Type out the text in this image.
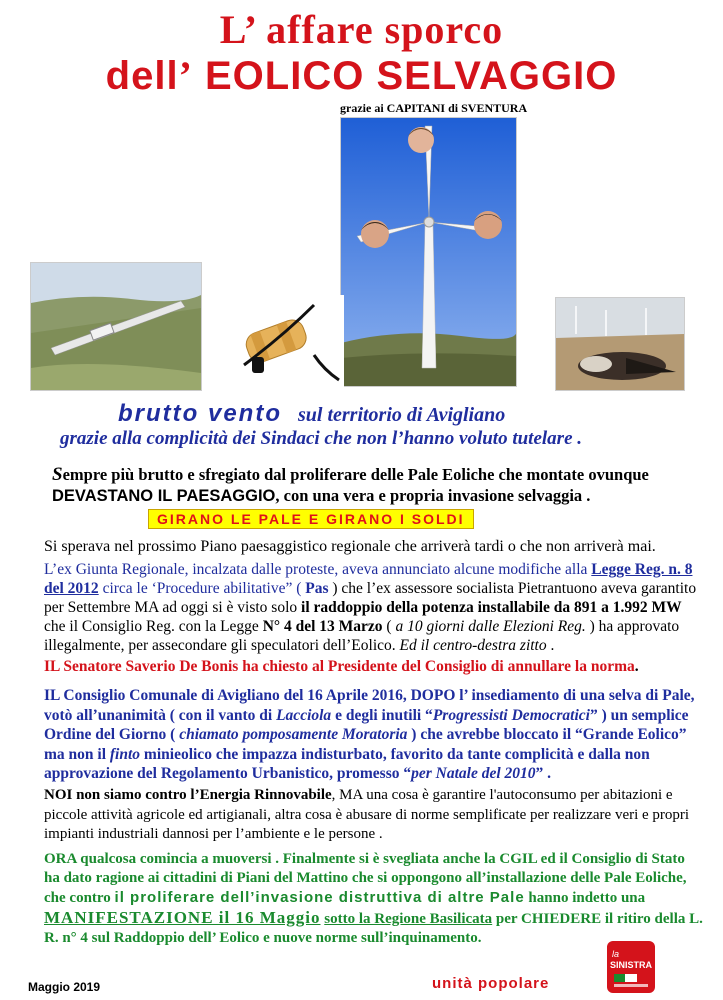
L’ affare sporco
dell’ EOLICO SELVAGGIO
grazie ai CAPITANI di SVENTURA
brutto vento sul territorio di Avigliano
grazie alla complicità dei Sindaci che non l’hanno voluto tutelare .
Sempre più brutto e sfregiato dal proliferare delle Pale Eoliche che montate ovunque
DEVASTANO IL PAESAGGIO, con una vera e propria invasione selvaggia .
GIRANO LE PALE E GIRANO I SOLDI
Si sperava nel prossimo Piano paesaggistico regionale che arriverà tardi o che non arriverà mai.
L’ex Giunta Regionale, incalzata dalle proteste, aveva annunciato alcune modifiche alla Legge Reg. n. 8 del 2012 circa le ‘Procedure abilitative” ( Pas ) che l’ex assessore socialista Pietrantuono aveva garantito per Settembre MA ad oggi si è visto solo il raddoppio della potenza installabile da 891 a 1.992 MW che il Consiglio Reg. con la Legge N° 4 del 13 Marzo ( a 10 giorni dalle Elezioni Reg. ) ha approvato illegalmente, per assecondare gli speculatori dell’Eolico. Ed il centro-destra zitto .
IL Senatore Saverio De Bonis ha chiesto al Presidente del Consiglio di annullare la norma.
IL Consiglio Comunale di Avigliano del 16 Aprile 2016, DOPO l’ insediamento di una selva di Pale, votò all’unanimità ( con il vanto di Lacciola e degli inutili “Progressisti Democratici” ) un semplice Ordine del Giorno ( chiamato pomposamente Moratoria ) che avrebbe bloccato il “Grande Eolico” ma non il finto minieolico che impazza indisturbato, favorito da tante complicità e dalla non approvazione del Regolamento Urbanistico, promesso “per Natale del 2010” .
NOI non siamo contro l’Energia Rinnovabile, MA una cosa è garantire l'autoconsumo per abitazioni e piccole attività agricole ed artigianali, altra cosa è abusare di norme semplificate per realizzare veri e propri impianti industriali dannosi per l’ambiente e le persone .
ORA qualcosa comincia a muoversi . Finalmente si è svegliata anche la CGIL ed il Consiglio di Stato ha dato ragione ai cittadini di Piani del Mattino che si oppongono all’installazione delle Pale Eoliche, che contro il proliferare dell’invasione distruttiva di altre Pale hanno indetto una MANIFESTAZIONE il 16 Maggio sotto la Regione Basilicata per CHIEDERE il ritiro della L. R. n° 4 sul Raddoppio dell’ Eolico e nuove norme sull’inquinamento.
Maggio 2019	unità popolare
la
SINISTRA
